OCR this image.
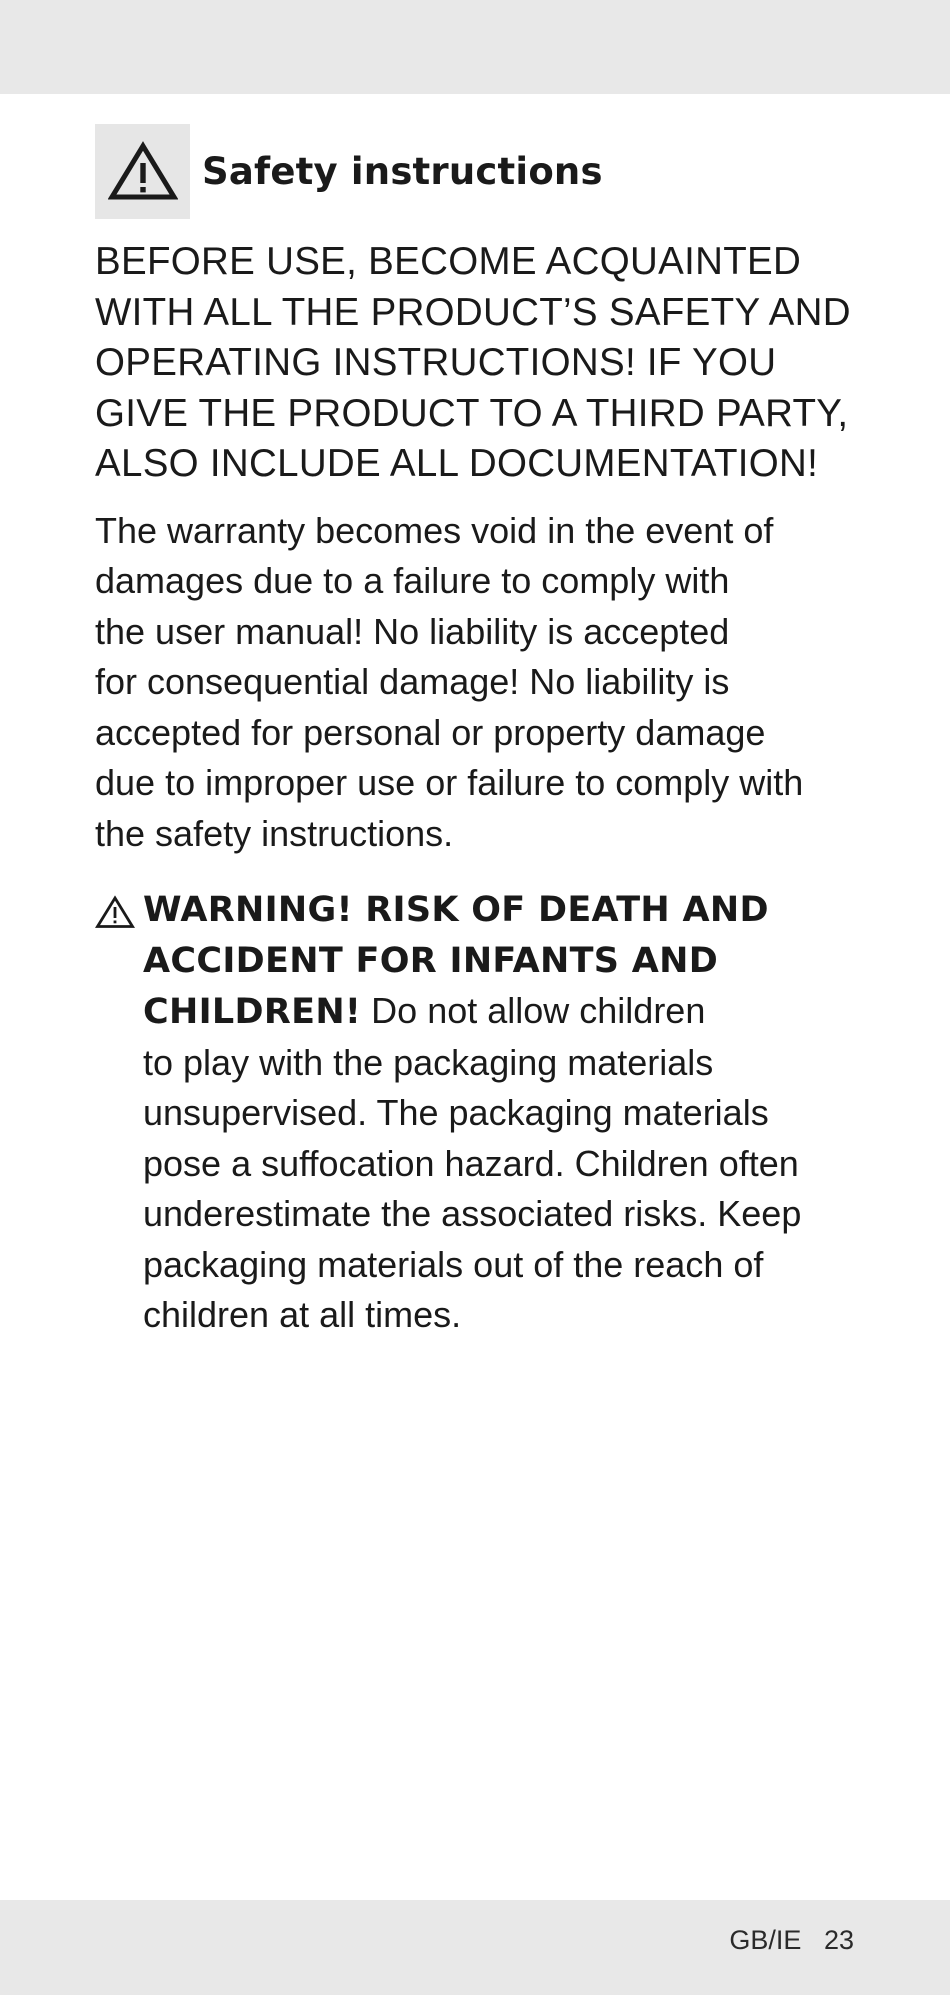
Safety instructions
BEFORE USE, BECOME ACQUAINTED
WITH ALL THE PRODUCT’S SAFETY AND
OPERATING INSTRUCTIONS! IF YOU
GIVE THE PRODUCT TO A THIRD PARTY,
ALSO INCLUDE ALL DOCUMENTATION!
The warranty becomes void in the event of
damages due to a failure to comply with
the user manual! No liability is accepted
for consequential damage! No liability is
accepted for personal or property damage
due to improper use or failure to comply with
the safety instructions.
WARNING! RISK OF DEATH AND
ACCIDENT FOR INFANTS AND
CHILDREN! Do not allow children
to play with the packaging materials
unsupervised. The packaging materials
pose a suffocation hazard. Children often
underestimate the associated risks. Keep
packaging materials out of the reach of
children at all times.
GB/IE 23
